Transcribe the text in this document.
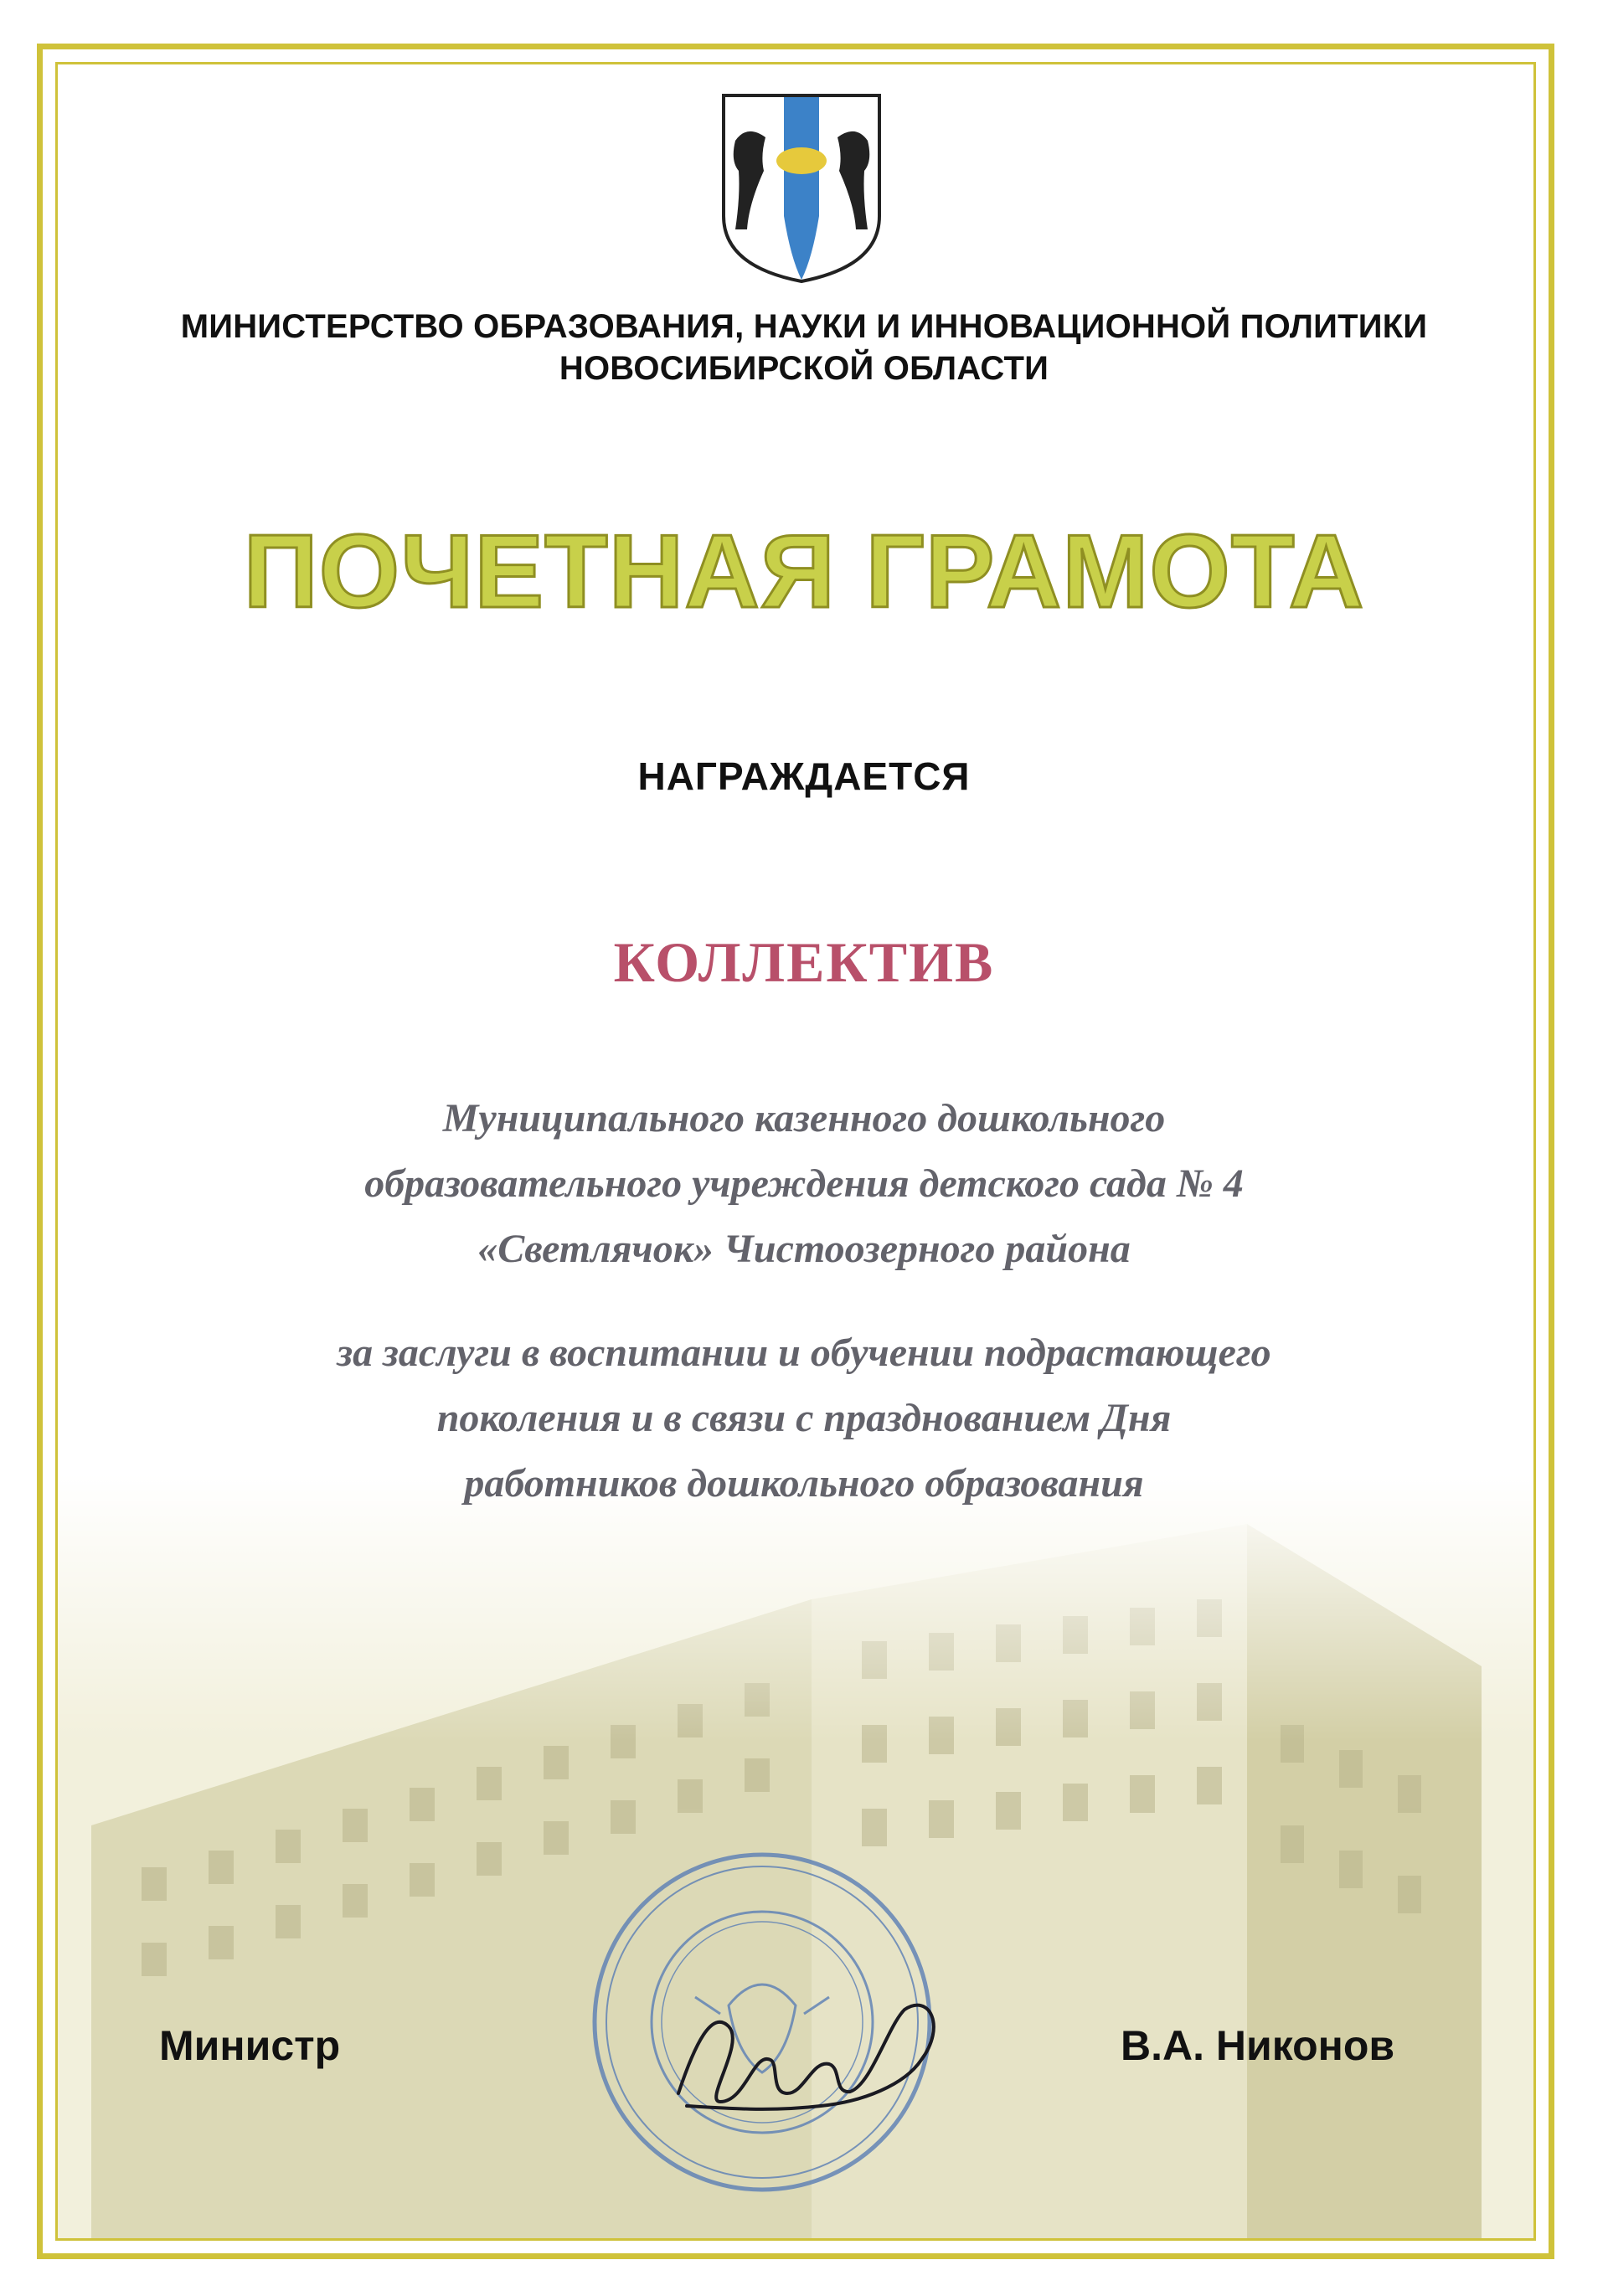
МИНИСТЕРСТВО ОБРАЗОВАНИЯ, НАУКИ И ИННОВАЦИОННОЙ ПОЛИТИКИ
НОВОСИБИРСКОЙ ОБЛАСТИ
ПОЧЕТНАЯ ГРАМОТА
НАГРАЖДАЕТСЯ
КОЛЛЕКТИВ
Муниципального казенного дошкольного
образовательного учреждения детского сада № 4
«Светлячок» Чистоозерного района
за заслуги в воспитании и обучении подрастающего
поколения и в связи с празднованием Дня
работников дошкольного образования
Министр	В.А. Никонов
